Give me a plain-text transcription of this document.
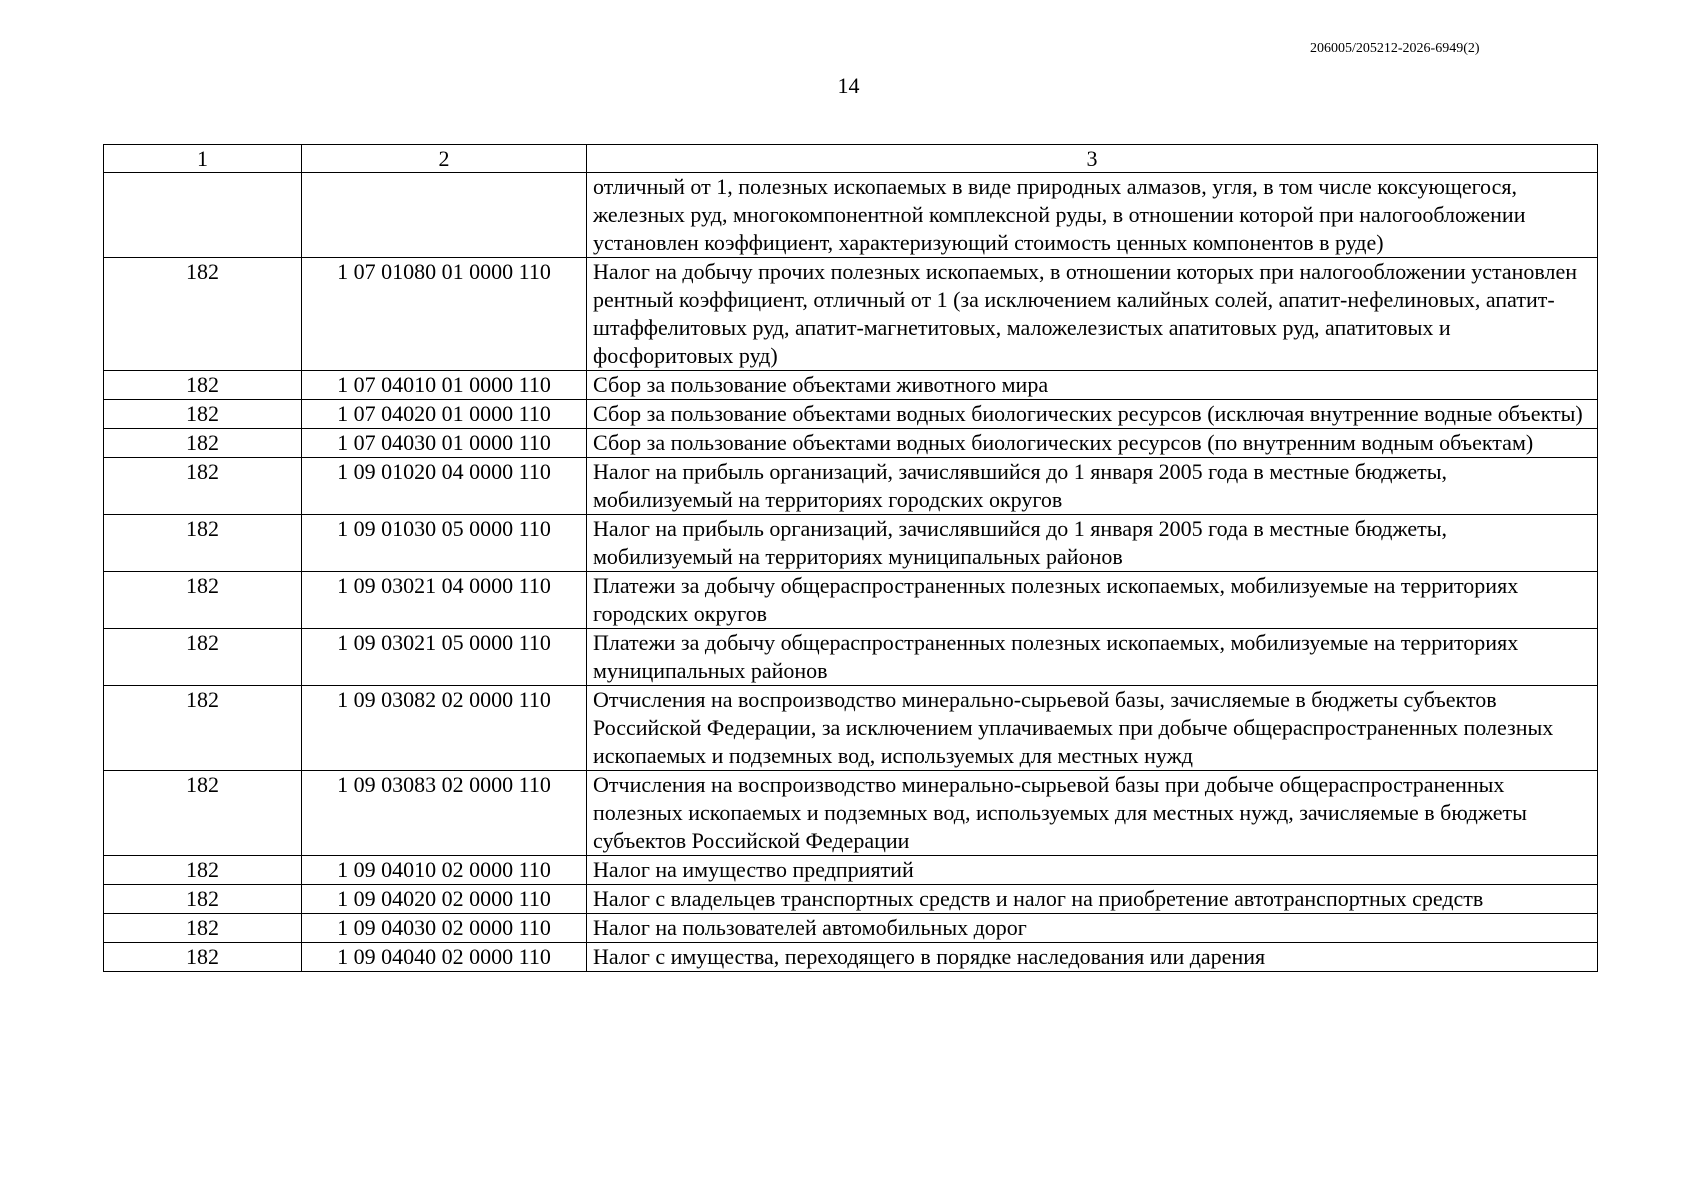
206005/205212-2026-6949(2)
14
1	2	3
		отличный от 1, полезных ископаемых в виде природных алмазов, угля, в том числе коксующегося, железных руд, многокомпонентной комплексной руды, в отношении которой при налогообложении установлен коэффициент, характеризующий стоимость ценных компонентов в руде)
182	1 07 01080 01 0000 110	Налог на добычу прочих полезных ископаемых, в отношении которых при налогообложении установлен рентный коэффициент, отличный от 1 (за исключением калийных солей, апатит-нефелиновых, апатит-штаффелитовых руд, апатит-магнетитовых, маложелезистых апатитовых руд, апатитовых и фосфоритовых руд)
182	1 07 04010 01 0000 110	Сбор за пользование объектами животного мира
182	1 07 04020 01 0000 110	Сбор за пользование объектами водных биологических ресурсов (исключая внутренние водные объекты)
182	1 07 04030 01 0000 110	Сбор за пользование объектами водных биологических ресурсов (по внутренним водным объектам)
182	1 09 01020 04 0000 110	Налог на прибыль организаций, зачислявшийся до 1 января 2005 года в местные бюджеты, мобилизуемый на территориях городских округов
182	1 09 01030 05 0000 110	Налог на прибыль организаций, зачислявшийся до 1 января 2005 года в местные бюджеты, мобилизуемый на территориях муниципальных районов
182	1 09 03021 04 0000 110	Платежи за добычу общераспространенных полезных ископаемых, мобилизуемые на территориях городских округов
182	1 09 03021 05 0000 110	Платежи за добычу общераспространенных полезных ископаемых, мобилизуемые на территориях муниципальных районов
182	1 09 03082 02 0000 110	Отчисления на воспроизводство минерально-сырьевой базы, зачисляемые в бюджеты субъектов Российской Федерации, за исключением уплачиваемых при добыче общераспространенных полезных ископаемых и подземных вод, используемых для местных нужд
182	1 09 03083 02 0000 110	Отчисления на воспроизводство минерально-сырьевой базы при добыче общераспространенных полезных ископаемых и подземных вод, используемых для местных нужд, зачисляемые в бюджеты субъектов Российской Федерации
182	1 09 04010 02 0000 110	Налог на имущество предприятий
182	1 09 04020 02 0000 110	Налог с владельцев транспортных средств и налог на приобретение автотранспортных средств
182	1 09 04030 02 0000 110	Налог на пользователей автомобильных дорог
182	1 09 04040 02 0000 110	Налог с имущества, переходящего в порядке наследования или дарения
